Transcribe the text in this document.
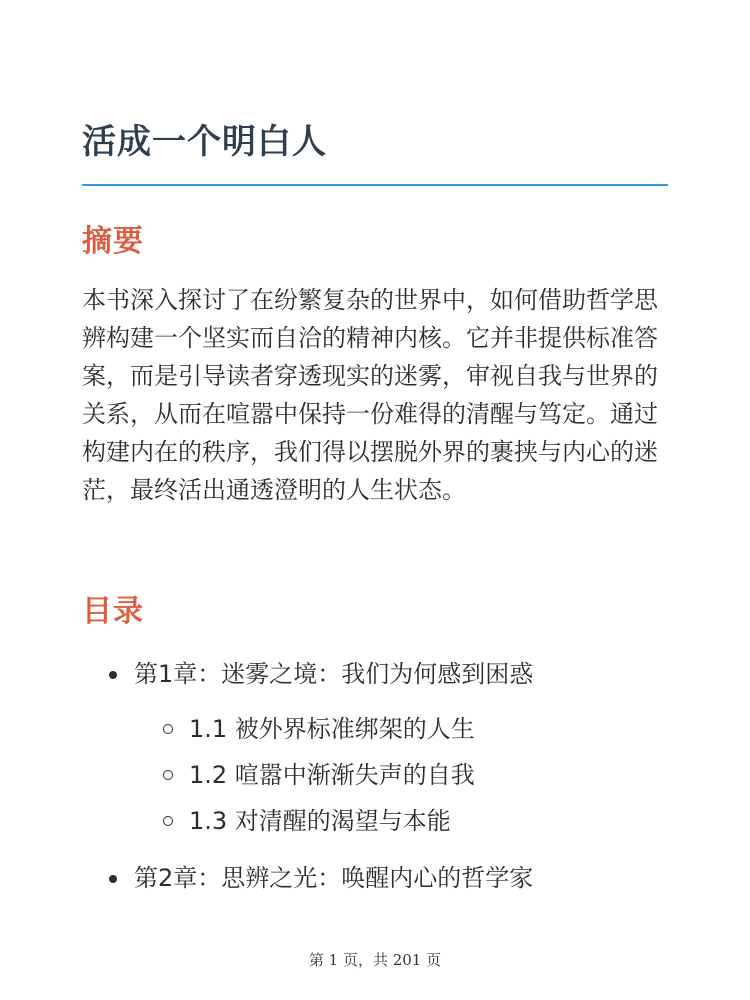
活成一个明白人
摘要

本书深入探讨了在纷繁复杂的世界中，如何借助哲学思辨构建一个坚实而自洽的精神内核。它并非提供标准答案，而是引导读者穿透现实的迷雾，审视自我与世界的关系，从而在喧嚣中保持一份难得的清醒与笃定。通过构建内在的秩序，我们得以摆脱外界的裹挟与内心的迷茫，最终活出通透澄明的人生状态。

目录
第1章：迷雾之境：我们为何感到困惑
1.1 被外界标准绑架的人生
1.2 喧嚣中渐渐失声的自我
1.3 对清醒的渴望与本能
第2章：思辨之光：唤醒内心的哲学家
第 1 页，共 201 页
